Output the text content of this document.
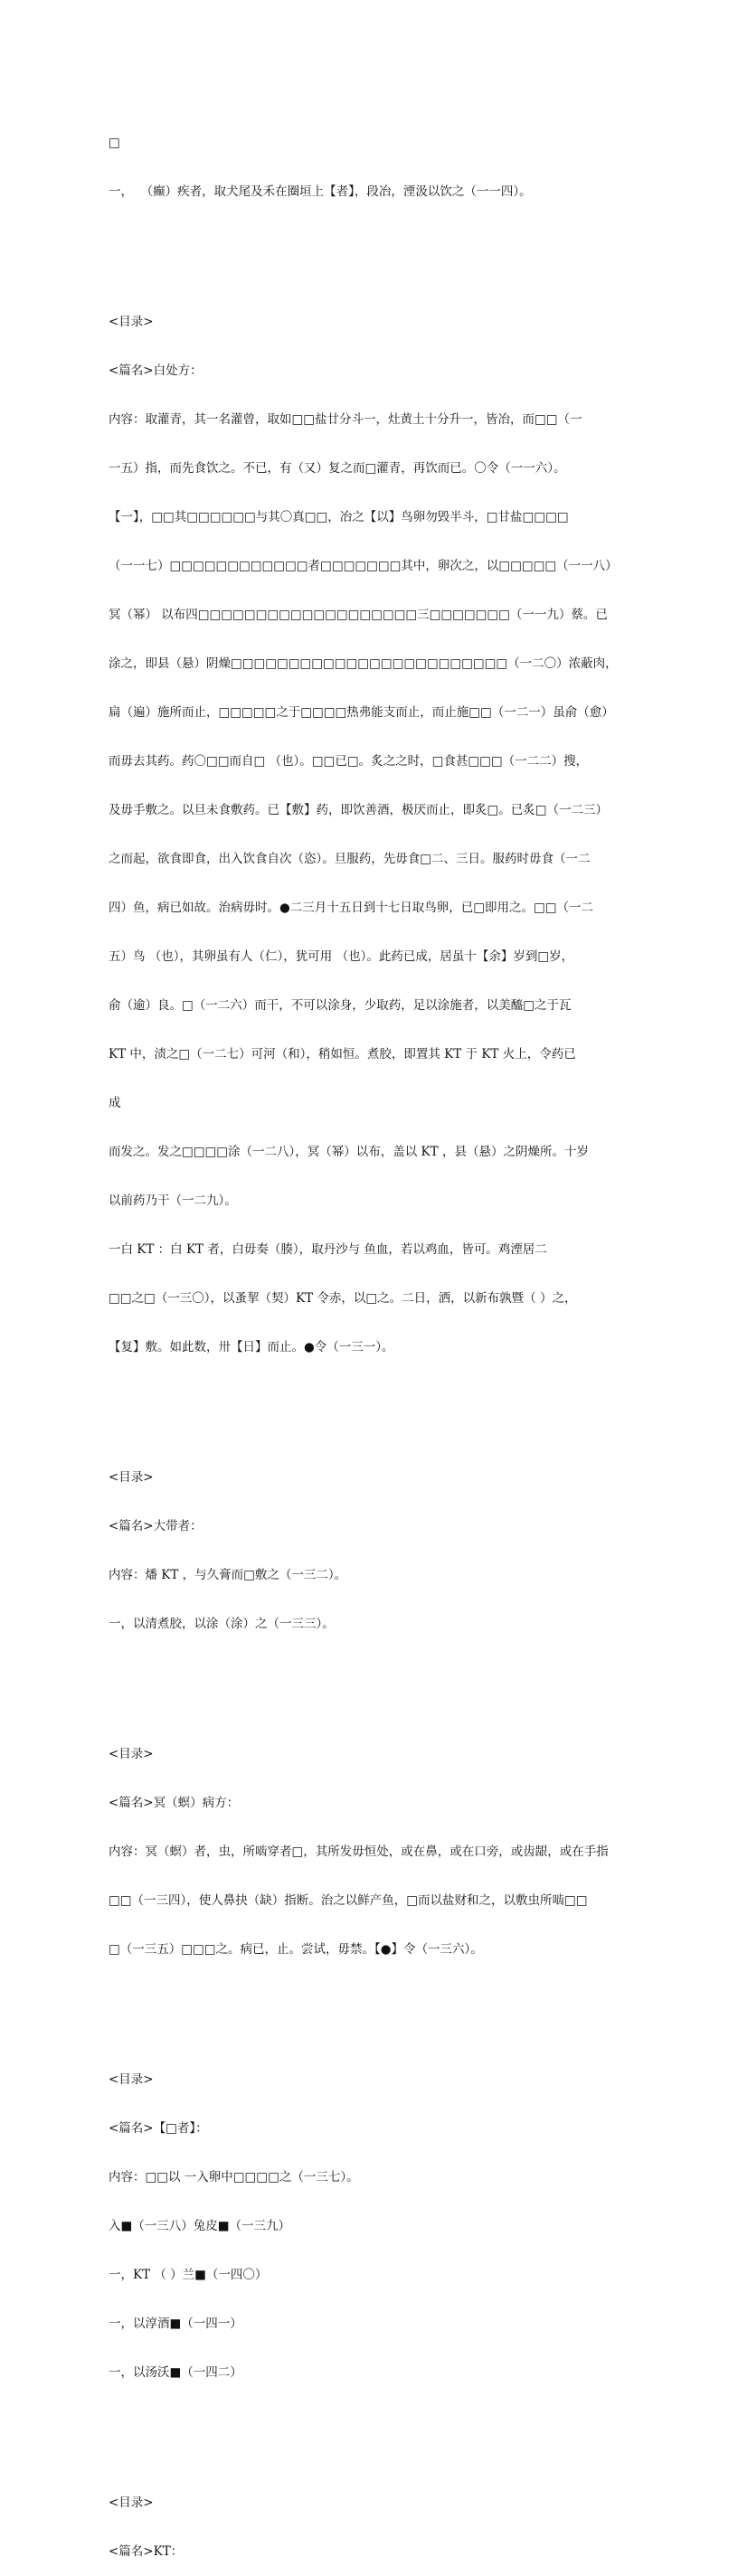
□

一，  （癫）疾者，取犬尾及禾在圈垣上【者】，段冶，湮汲以饮之（一一四）。

<目录>

<篇名>白处方：

内容：取灌青，其一名灌曾，取如□□盐廿分斗一，灶黄土十分升一，皆冶，而□□（一

一五）指，而先食饮之。不已，有（又）复之而□灌青，再饮而已。〇令（一一六）。

【一】，□□其□□□□□□与其〇真□□，冶之【以】鸟卵勿毁半斗，□甘盐□□□□

（一一七）□□□□□□□□□□□□者□□□□□□□其中，卵次之，以□□□□□（一一八）

冥（幂） 以布四□□□□□□□□□□□□□□□□□□□三□□□□□□□（一一九）蔡。已

涂之，即县（悬）阴燥□□□□□□□□□□□□□□□□□□□□□□□□（一二〇）浓蔽肉，

扁（遍）施所而止，□□□□□之于□□□□热弗能支而止，而止施□□（一二一）虽俞（愈）

而毋去其药。药〇□□而自□ （也）。□□已□。炙之之时，□食甚□□□（一二二）搜，

及毋手敷之。以旦未食敷药。已【敷】药，即饮善酒，极厌而止，即炙□。已炙□（一二三）

之而起，欲食即食，出入饮食自次（恣）。旦服药，先毋食□二、三日。服药时毋食（一二

四）鱼，病已如故。治病毋时。●二三月十五日到十七日取鸟卵，已□即用之。□□（一二

五）鸟 （也），其卵虽有人（仁），犹可用 （也）。此药已成，居虽十【余】岁到□岁，

俞（逾）良。□（一二六）而干，不可以涂身，少取药，足以涂施者，以美醯□之于瓦

KT 中，渍之□（一二七）可河（和），稍如恒。煮胶，即置其 KT 于 KT 火上，令药已

成

而发之。发之□□□□涂（一二八），冥（幂）以布，盖以 KT ，县（悬）之阴燥所。十岁

以前药乃干（一二九）。

一白 KT ：白 KT 者，白毋奏（腠），取丹沙与 鱼血，若以鸡血，皆可。鸡湮居二

□□之□（一三〇），以蚤挈（契）KT 令赤，以□之。二日，洒，以新布孰暨（ ）之，

【复】敷。如此数，卅【日】而止。●令（一三一）。

<目录>

<篇名>大带者：

内容：燔 KT ，与久膏而□敷之（一三二）。

一，以清煮胶，以涂（涂）之（一三三）。

<目录>

<篇名>冥（螟）病方：

内容：冥（螟）者，虫，所啮穿者□，其所发毋恒处，或在鼻，或在口旁，或齿龈，或在手指

□□（一三四），使人鼻抉（缺）指断。治之以鲜产鱼，□而以盐财和之，以敷虫所啮□□

□（一三五）□□□之。病已，止。尝试，毋禁。【●】令（一三六）。

<目录>

<篇名>【□者】：

内容：□□以 一入卵中□□□□之（一三七）。

入■（一三八）兔皮■（一三九）

一，KT （ ）兰■（一四〇）

一，以淳酒■（一四一）

一，以汤沃■（一四二）

<目录>

<篇名>KT：
